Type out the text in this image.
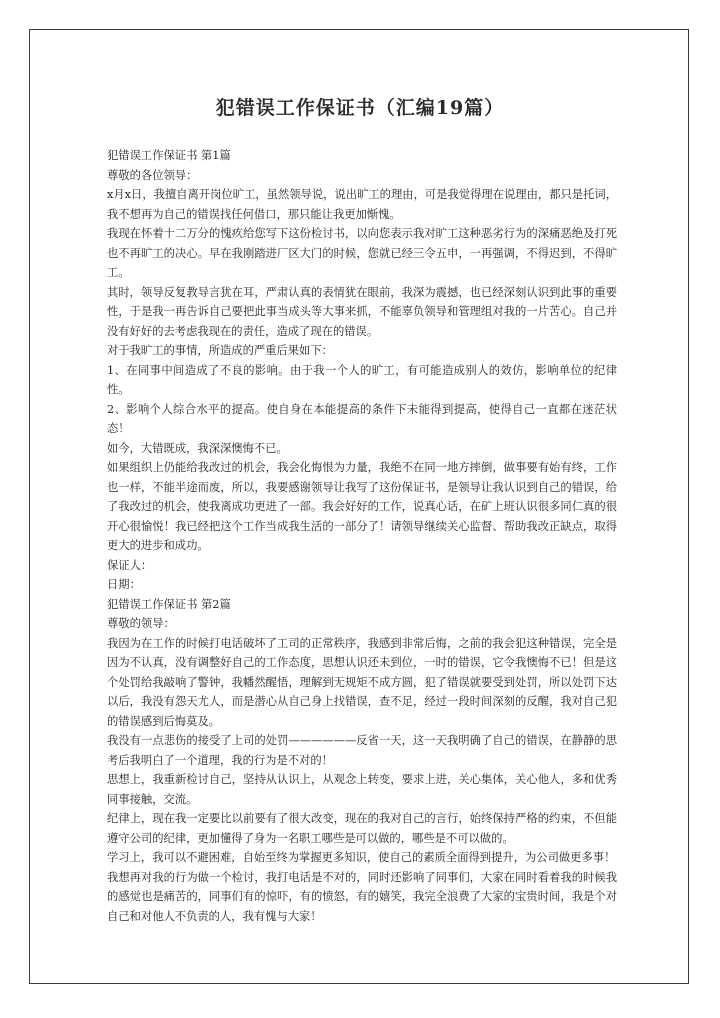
犯错误工作保证书（汇编19篇）

犯错误工作保证书 第1篇

尊敬的各位领导：

x月x日，我擅自离开岗位旷工，虽然领导说，说出旷工的理由，可是我觉得理在说理由，都只是托词，我不想再为自己的错误找任何借口，那只能让我更加惭愧。

我现在怀着十二万分的愧疚给您写下这份检讨书，以向您表示我对旷工这种恶劣行为的深痛恶绝及打死也不再旷工的决心。早在我刚踏进厂区大门的时候，您就已经三令五申，一再强调，不得迟到，不得旷工。

其时，领导反复教导言犹在耳，严肃认真的表情犹在眼前，我深为震撼，也已经深刻认识到此事的重要性，于是我一再告诉自己要把此事当成头等大事来抓，不能辜负领导和管理组对我的一片苦心。自己并没有好好的去考虑我现在的责任，造成了现在的错误。

对于我旷工的事情，所造成的严重后果如下：

1、在同事中间造成了不良的影响。由于我一个人的旷工，有可能造成别人的效仿，影响单位的纪律性。

2、影响个人综合水平的提高。使自身在本能提高的条件下未能得到提高，使得自己一直都在迷茫状态！

如今，大错既成，我深深懊悔不已。

如果组织上仍能给我改过的机会，我会化悔恨为力量，我绝不在同一地方摔倒，做事要有始有终，工作也一样，不能半途而废，所以，我要感谢领导让我写了这份保证书，是领导让我认识到自己的错误，给了我改过的机会，使我离成功更进了一部。我会好好的工作，说真心话，在矿上班认识很多同仁真的很开心很愉悦！我已经把这个工作当成我生活的一部分了！请领导继续关心监督、帮助我改正缺点，取得更大的进步和成功。

保证人：

日期：

犯错误工作保证书 第2篇

尊敬的领导：

我因为在工作的时候打电话破坏了工司的正常秩序，我感到非常后悔，之前的我会犯这种错误，完全是因为不认真，没有调整好自己的工作态度，思想认识还未到位，一时的错误，它令我懊悔不已！但是这个处罚给我敲响了警钟，我幡然醒悟，理解到无规矩不成方圆，犯了错误就要受到处罚，所以处罚下达以后，我没有怨天尤人，而是潜心从自己身上找错误，查不足，经过一段时间深刻的反醒，我对自己犯的错误感到后悔莫及。

我没有一点悲伤的接受了上司的处罚——————反省一天，这一天我明确了自己的错误，在静静的思考后我明白了一个道理，我的行为是不对的！

思想上，我重新检讨自己，坚持从认识上，从观念上转变，要求上进，关心集体，关心他人，多和优秀同事接触，交流。

纪律上，现在我一定要比以前要有了很大改变，现在的我对自己的言行，始终保持严格的约束，不但能遵守公司的纪律，更加懂得了身为一名职工哪些是可以做的，哪些是不可以做的。

学习上，我可以不避困难，自始至终为掌握更多知识，使自己的素质全面得到提升，为公司做更多事！

我想再对我的行为做一个检讨，我打电话是不对的，同时还影响了同事们，大家在同时看着我的时候我的感觉也是痛苦的，同事们有的惊吓，有的愤怒，有的嬉笑，我完全浪费了大家的宝贵时间，我是个对自己和对他人不负责的人，我有愧与大家！
